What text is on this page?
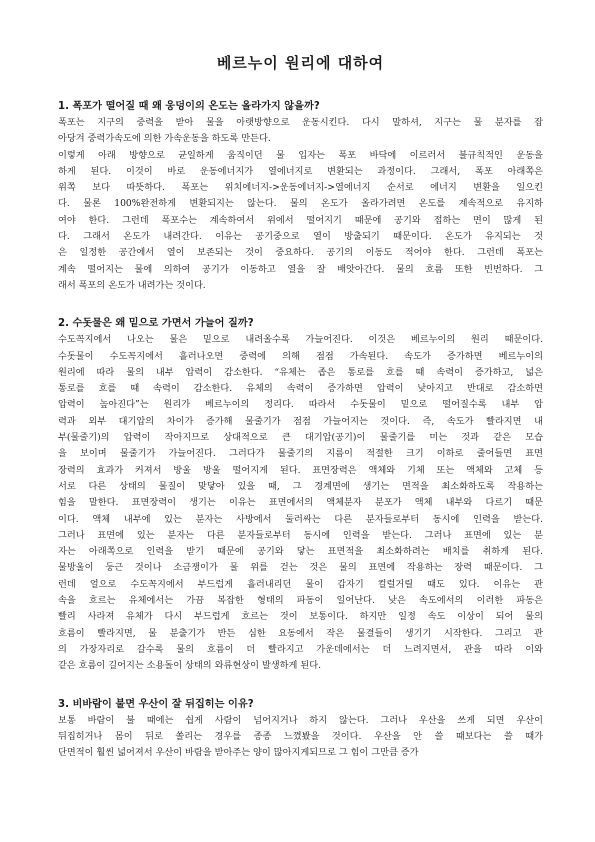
베르누이 원리에 대하여
1. 폭포가 떨어질 때 왜 웅덩이의 온도는 올라가지 않을까?
폭포는 지구의 중력을 받아 물을 아랫방향으로 운동시킨다. 다시 말하셔, 지구는 물 분자를 잡
아당겨 중력가속도에 의한 가속운동을 하도록 만든다.
이렇게 아래 방향으로 균일하게 움직이던 물 입자는 폭포 바닥에 이르러서 불규칙적인 운동을
하게 된다. 이것이 바로 운동에너지가 열에너지로 변환되는 과정이다. 그래서, 폭포 아래쪽은
위쪽 보다 따뜻하다. 폭포는 위치에너지->운동에너지->열에너지 순서로 에너지 변환을 일으킨
다. 물론 100%완전하게 변환되지는 않는다. 물의 온도가 올라가려면 온도를 계속적으로 유지하
여야 한다. 그런데 폭포수는 계속하여서 위에서 떨어지기 때문에 공기와 접하는 면이 많게 된
다. 그래서 온도가 내려간다. 이유는 공기중으로 열이 방출되기 때문이다. 온도가 유지되는 것
은 일정한 공간에서 열이 보존되는 것이 중요하다. 공기의 이동도 적어야 한다. 그런데 폭포는
계속 떨어지는 물에 의하여 공기가 이동하고 열을 잘 배앗아간다. 물의 흐름 또한 빈번하다. 그
래서 폭포의 온도가 내려가는 것이다.
2. 수돗물은 왜 밑으로 가면서 가늘어 질까?
수도꼭지에서 나오는 물은 밑으로 내려올수록 가늘어진다. 이것은 베르누이의 원리 때문이다.
수돗물이 수도꼭지에서 흘러나오면 중력에 의해 점점 가속된다. 속도가 증가하면 베르누이의
원리에 따라 물의 내부 압력이 감소한다. “유체는 좁은 통로를 흐를 때 속력이 증가하고, 넓은
통로를 흐를 때 속력이 감소한다. 유체의 속력이 증가하면 압력이 낮아지고 반대로 감소하면
압력이 높아진다”는 원리가 베르누이의 정리다. 따라서 수돗물이 밑으로 떨어질수록 내부 압
력과 외부 대기압의 차이가 증가해 물줄기가 점점 가늘어지는 것이다. 즉, 속도가 빨라지면 내
부(물줄기)의 압력이 작아지므로 상대적으로 큰 대기압(공기)이 물줄기를 미는 것과 같은 모습
을 보이며 물줄기가 가늘어진다. 그러다가 물줄기의 지름이 적절한 크기 이하로 줄어들면 표면
장력의 효과가 커져서 방울 방울 떨어지게 된다. 표면장력은 액체와 기체 또는 액체와 고체 등
서로 다른 상태의 물질이 맞닿아 있을 때, 그 경계면에 생기는 면적을 최소화하도록 작용하는
힘을 말한다. 표면장력이 생기는 이유는 표면에서의 액체분자 분포가 액체 내부와 다르기 때문
이다. 액체 내부에 있는 분자는 사방에서 둘러싸는 다른 분자들로부터 동시에 인력을 받는다.
그러나 표면에 있는 분자는 다른 분자들로부터 동시에 인력을 받는다. 그러나 표면에 있는 분
자는 아래쪽으로 인력을 받기 때문에 공기와 닿는 표면적을 최소화하려는 배치를 취하게 된다.
물방울이 둥근 것이나 소금쟁이가 물 위를 걷는 것은 물의 표면에 작용하는 장력 때문이다. 그
런데 얼으로 수도꼭지에서 부드럽게 흘러내리던 물이 갑자기 컬럴거릴 때도 있다. 이유는 관
속을 흐르는 유체에서는 가끔 복잡한 형태의 파동이 일어난다. 낮은 속도에서의 이러한 파동은
빨리 사라져 유체가 다시 부드럽게 흐르는 것이 보통이다. 하지만 일정 속도 이상이 되어 물의
흐름이 빨라지면, 물 분출기가 반든 심한 요동에서 작은 물결들이 생기기 시작한다. 그리고 관
의 가장자리로 갈수록 물의 흐름이 더 빨라지고 가운데에서는 더 느려지면서, 관을 따라 이와
같은 흐름이 길어지는 소용돌이 상태의 와류현상이 발생하게 된다.
3. 비바람이 불면 우산이 잘 뒤집히는 이유?
보통 바람이 불 때에는 쉽게 사람이 넘어지거나 하지 않는다. 그러나 우산을 쓰게 되면 우산이
뒤집히거나 몸이 뒤로 쏠리는 경우를 종종 느꼈봤을 것이다. 우산을 안 쓸 때보다는 쓸 때가
단면적이 훨씬 넓어져서 우산이 바람을 받아주는 양이 많아지게되므로 그 힘이 그만큼 증가
